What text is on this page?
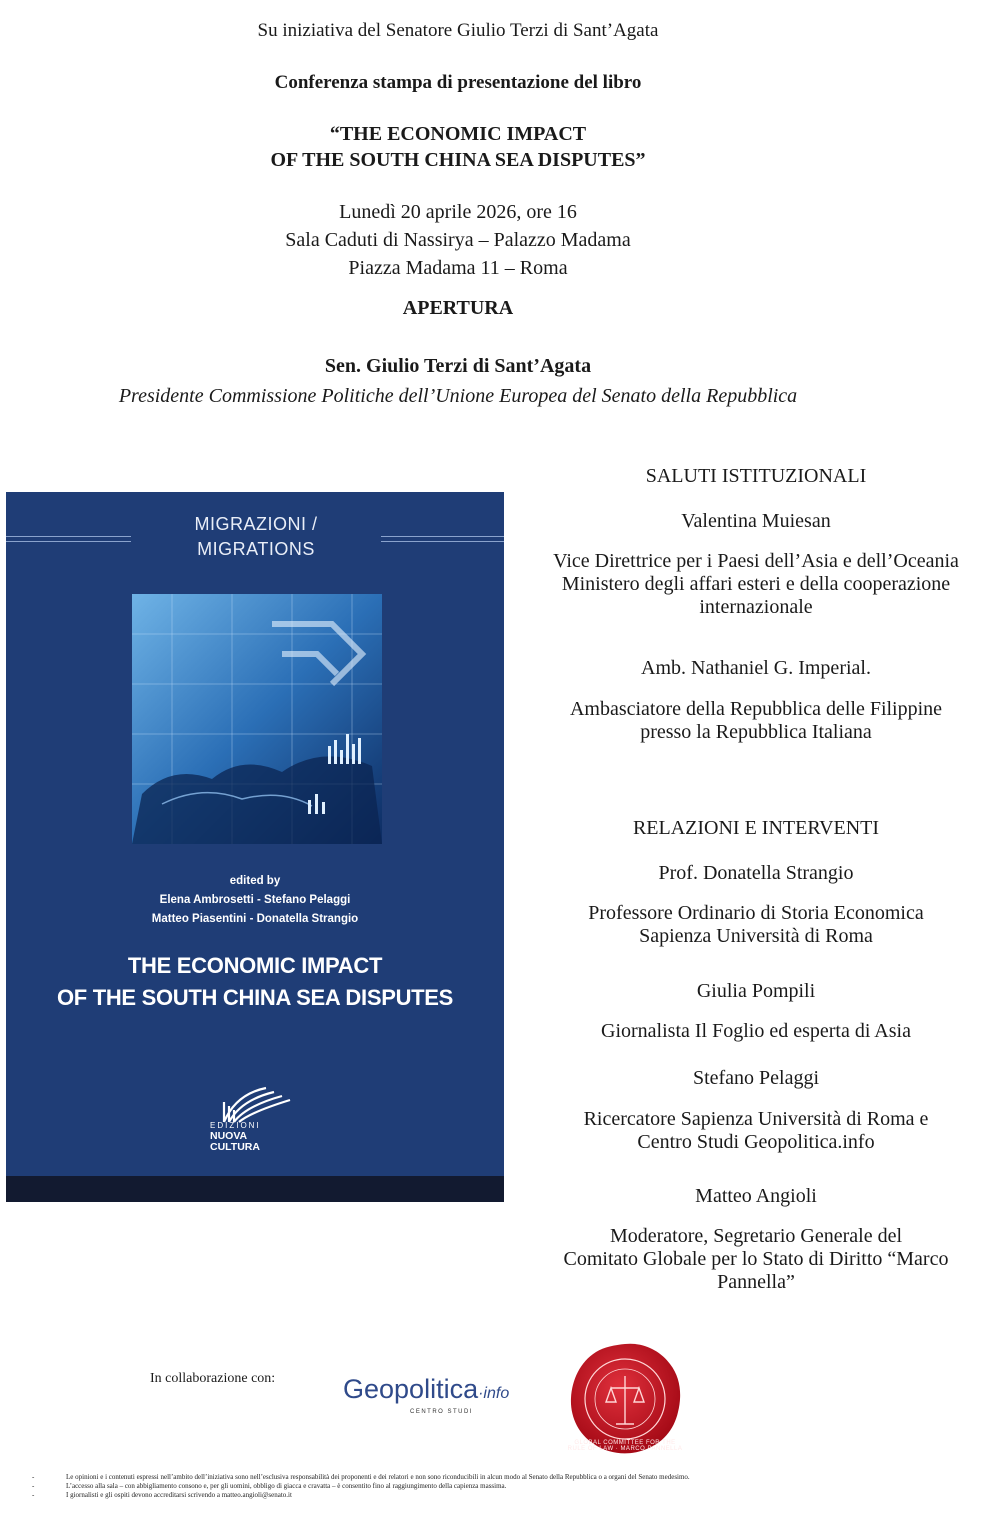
Su iniziativa del Senatore Giulio Terzi di Sant’Agata
Conferenza stampa di presentazione del libro
“THE ECONOMIC IMPACT
OF THE SOUTH CHINA SEA DISPUTES”
Lunedì 20 aprile 2026, ore 16
Sala Caduti di Nassirya – Palazzo Madama
Piazza Madama 11 – Roma
APERTURA
Sen. Giulio Terzi di Sant’Agata
Presidente Commissione Politiche dell’Unione Europea del Senato della Repubblica
MIGRAZIONI /
MIGRATIONS
edited by
Elena Ambrosetti - Stefano Pelaggi
Matteo Piasentini - Donatella Strangio
THE ECONOMIC IMPACT
OF THE SOUTH CHINA SEA DISPUTES
EDIZIONI
NUOVA
CULTURA
SALUTI ISTITUZIONALI
Valentina Muiesan
Vice Direttrice per i Paesi dell’Asia e dell’Oceania
Ministero degli affari esteri e della cooperazione
internazionale
Amb. Nathaniel G. Imperial.
Ambasciatore della Repubblica delle Filippine
presso la Repubblica Italiana
RELAZIONI E INTERVENTI
Prof. Donatella Strangio
Professore Ordinario di Storia Economica
Sapienza Università di Roma
Giulia Pompili
Giornalista Il Foglio ed esperta di Asia
Stefano Pelaggi
Ricercatore Sapienza Università di Roma e
Centro Studi Geopolitica.info
Matteo Angioli
Moderatore, Segretario Generale del
Comitato Globale per lo Stato di Diritto “Marco
Pannella”
In collaborazione con:	Geopolitica·info
CENTRO STUDI
GLOBAL COMMITTEE FOR THE RULE OF LAW · MARCO PANNELLA
-	Le opinioni e i contenuti espressi nell’ambito dell’iniziativa sono nell’esclusiva responsabilità dei proponenti e dei relatori e non sono riconducibili in alcun modo al Senato della Repubblica o a organi del Senato medesimo.
-	L’accesso alla sala – con abbigliamento consono e, per gli uomini, obbligo di giacca e cravatta – è consentito fino al raggiungimento della capienza massima.
-	I giornalisti e gli ospiti devono accreditarsi scrivendo a matteo.angioli@senato.it
